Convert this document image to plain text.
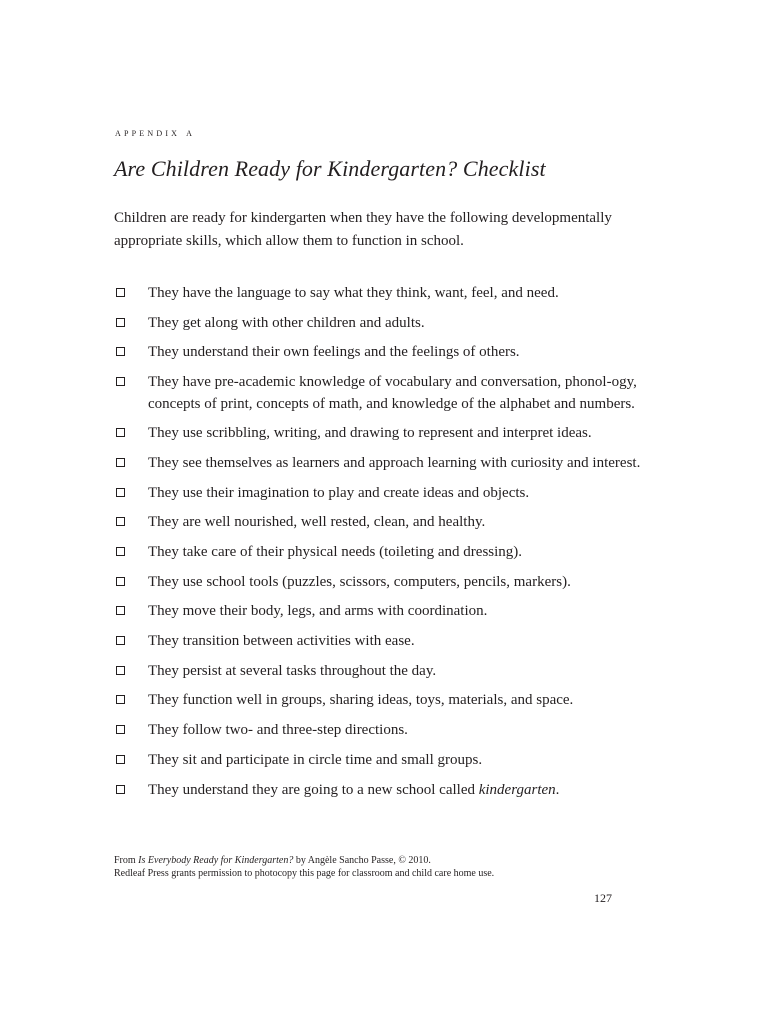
appendix a
Are Children Ready for Kindergarten? Checklist

Children are ready for kindergarten when they have the following developmentally appropriate skills, which allow them to function in school.

They have the language to say what they think, want, feel, and need.
They get along with other children and adults.
They understand their own feelings and the feelings of others.
They have pre-academic knowledge of vocabulary and conversation, phonol-ogy, concepts of print, concepts of math, and knowledge of the alphabet and numbers.
They use scribbling, writing, and drawing to represent and interpret ideas.
They see themselves as learners and approach learning with curiosity and interest.
They use their imagination to play and create ideas and objects.
They are well nourished, well rested, clean, and healthy.
They take care of their physical needs (toileting and dressing).
They use school tools (puzzles, scissors, computers, pencils, markers).
They move their body, legs, and arms with coordination.
They transition between activities with ease.
They persist at several tasks throughout the day.
They function well in groups, sharing ideas, toys, materials, and space.
They follow two- and three-step directions.
They sit and participate in circle time and small groups.
They understand they are going to a new school called kindergarten.

From Is Everybody Ready for Kindergarten? by Angèle Sancho Passe, © 2010.
Redleaf Press grants permission to photocopy this page for classroom and child care home use.

127
